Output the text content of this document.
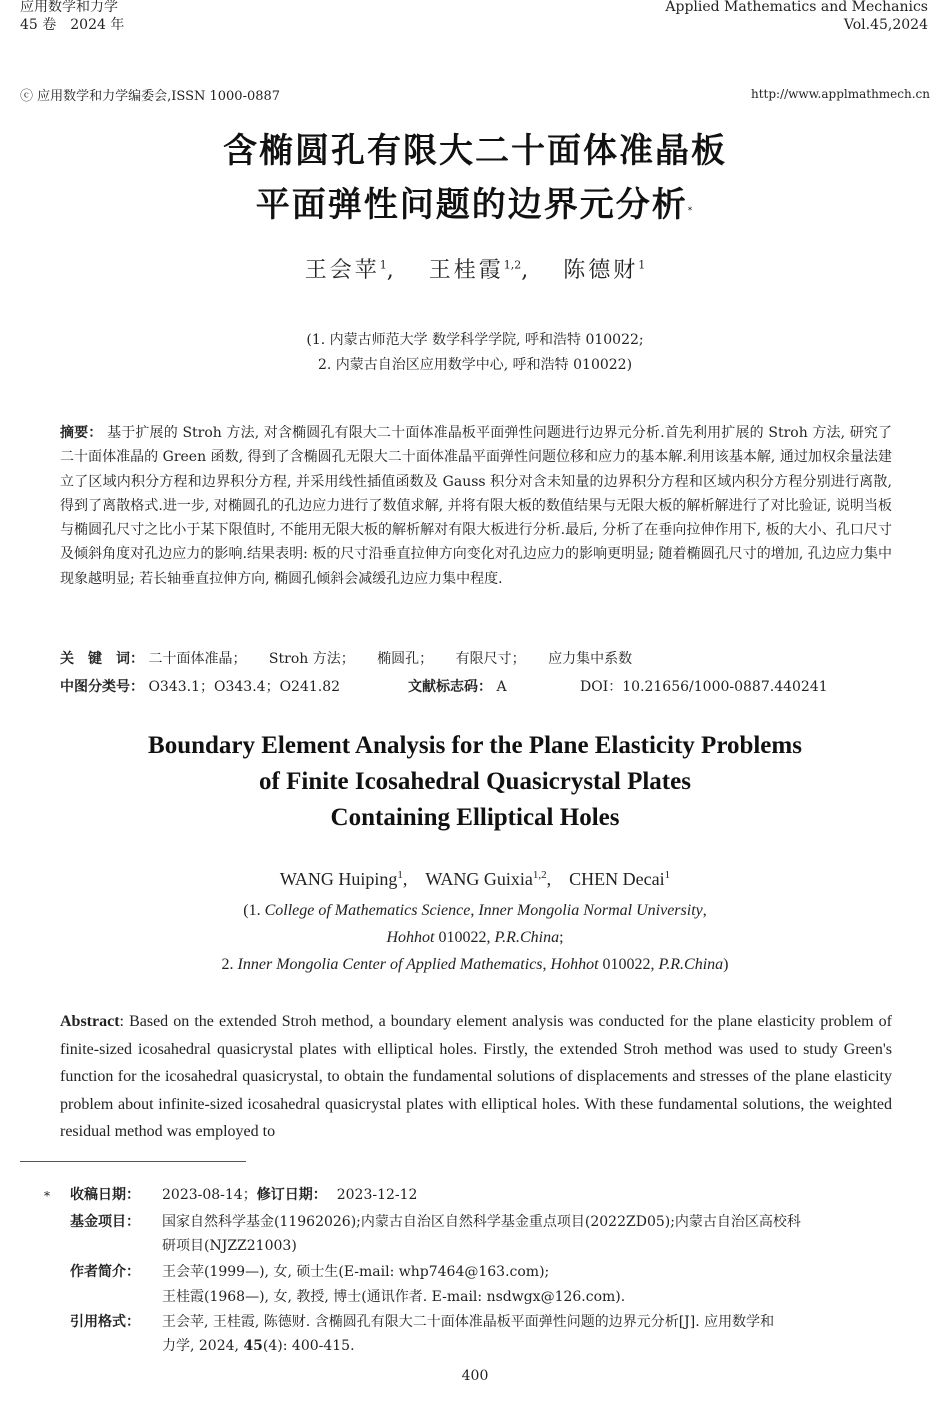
应用数学和力学
45 卷　2024 年
Applied Mathematics and Mechanics
Vol.45,2024
ⓒ 应用数学和力学编委会,ISSN 1000-0887	http://www.applmathmech.cn
含椭圆孔有限大二十面体准晶板
平面弹性问题的边界元分析*
王会苹$^1$, 王桂霞$^{1,2}$, 陈德财$^1$
(1. 内蒙古师范大学 数学科学学院, 呼和浩特 010022;
2. 内蒙古自治区应用数学中心, 呼和浩特 010022)
摘要： 基于扩展的 Stroh 方法, 对含椭圆孔有限大二十面体准晶板平面弹性问题进行边界元分析.首先利用扩展的 Stroh 方法, 研究了二十面体准晶的 Green 函数, 得到了含椭圆孔无限大二十面体准晶平面弹性问题位移和应力的基本解.利用该基本解, 通过加权余量法建立了区域内积分方程和边界积分方程, 并采用线性插值函数及 Gauss 积分对含未知量的边界积分方程和区域内积分方程分别进行离散,得到了离散格式.进一步, 对椭圆孔的孔边应力进行了数值求解, 并将有限大板的数值结果与无限大板的解析解进行了对比验证, 说明当板与椭圆孔尺寸之比小于某下限值时, 不能用无限大板的解析解对有限大板进行分析.最后, 分析了在垂向拉伸作用下, 板的大小、孔口尺寸及倾斜角度对孔边应力的影响.结果表明: 板的尺寸沿垂直拉伸方向变化对孔边应力的影响更明显; 随着椭圆孔尺寸的增加, 孔边应力集中现象越明显; 若长轴垂直拉伸方向, 椭圆孔倾斜会减缓孔边应力集中程度.
关　键　词： 二十面体准晶； Stroh 方法； 椭圆孔； 有限尺寸； 应力集中系数
中图分类号： O343.1；O343.4；O241.82	文献标志码： A	DOI：10.21656/1000-0887.440241
Boundary Element Analysis for the Plane Elasticity Problems
of Finite Icosahedral Quasicrystal Plates
Containing Elliptical Holes
WANG Huiping$^1$, WANG Guixia$^{1,2}$, CHEN Decai$^1$
(1. College of Mathematics Science, Inner Mongolia Normal University,
Hohhot 010022, P.R.China;
2. Inner Mongolia Center of Applied Mathematics, Hohhot 010022, P.R.China)
Abstract: Based on the extended Stroh method, a boundary element analysis was conducted for the plane elasticity problem of finite-sized icosahedral quasicrystal plates with elliptical holes. Firstly, the extended Stroh method was used to study Green's function for the icosahedral quasicrystal, to obtain the fundamental solutions of displacements and stresses of the plane elasticity problem about infinite-sized icosahedral quasicrystal plates with elliptical holes. With these fundamental solutions, the weighted residual method was employed to
* 收稿日期： 2023-08-14；修订日期： 2023-12-12
基金项目： 国家自然科学基金(11962026);内蒙古自治区自然科学基金重点项目(2022ZD05);内蒙古自治区高校科
研项目(NJZZ21003)
作者简介： 王会苹(1999—), 女, 硕士生(E-mail: whp7464@163.com);
王桂霞(1968—), 女, 教授, 博士(通讯作者. E-mail: nsdwgx@126.com).
引用格式： 王会苹, 王桂霞, 陈德财. 含椭圆孔有限大二十面体准晶板平面弹性问题的边界元分析[J]. 应用数学和
力学, 2024, 45(4): 400-415.
400
